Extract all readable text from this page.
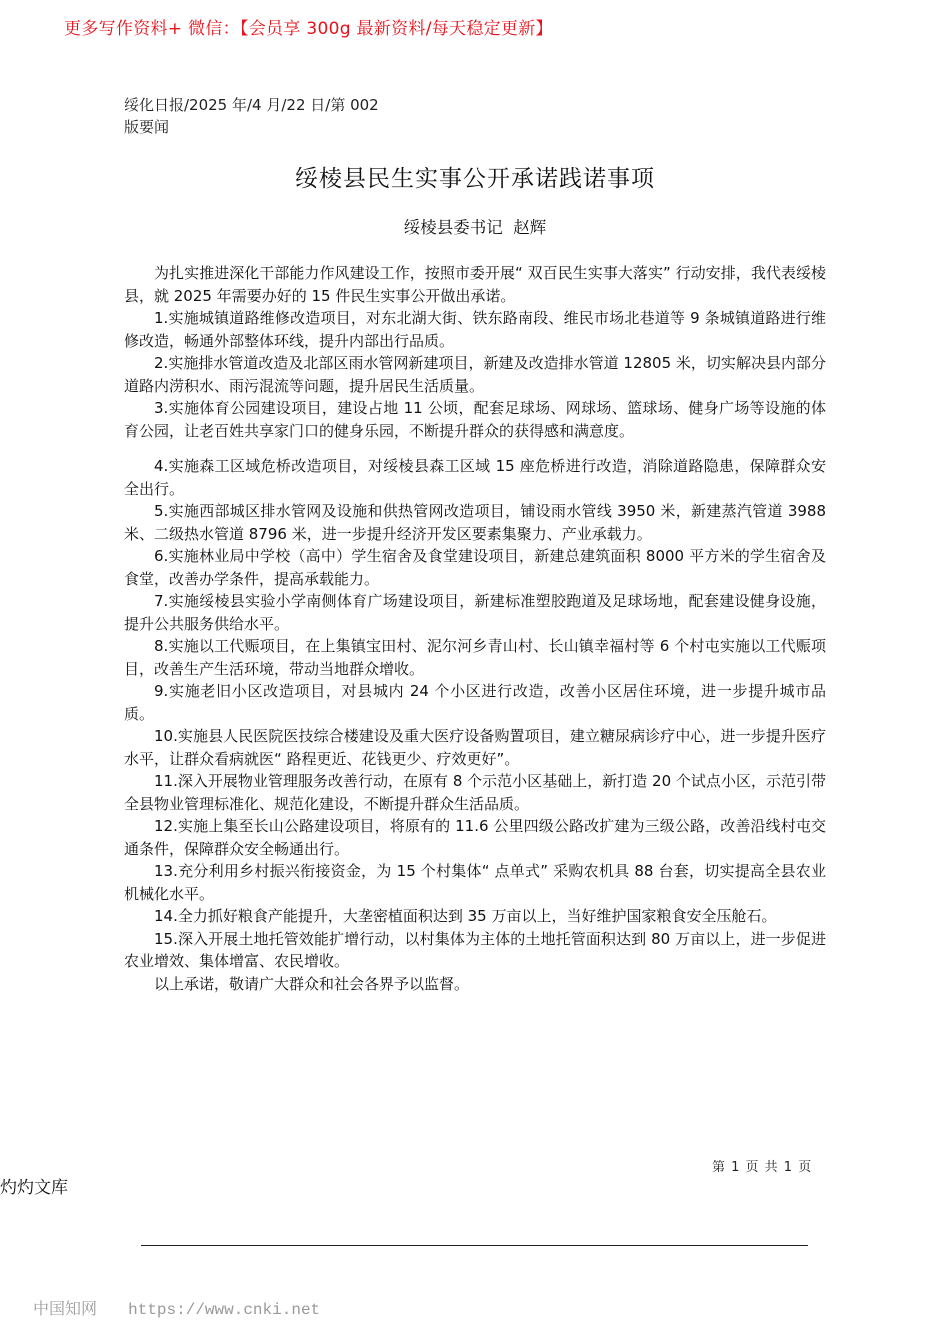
更多写作资料+ 微信：【会员享 300g 最新资料/每天稳定更新】
绥化日报/2025 年/4 月/22 日/第 002
版要闻
绥棱县民生实事公开承诺践诺事项
绥棱县委书记  赵辉

为扎实推进深化干部能力作风建设工作，按照市委开展“ 双百民生实事大落实” 行动安排，我代表绥棱县，就 2025 年需要办好的 15 件民生实事公开做出承诺。

1.实施城镇道路维修改造项目，对东北湖大街、铁东路南段、维民市场北巷道等 9 条城镇道路进行维修改造，畅通外部整体环线，提升内部出行品质。

2.实施排水管道改造及北部区雨水管网新建项目，新建及改造排水管道 12805 米，切实解决县内部分道路内涝积水、雨污混流等问题，提升居民生活质量。

3.实施体育公园建设项目，建设占地 11 公顷，配套足球场、网球场、篮球场、健身广场等设施的体育公园，让老百姓共享家门口的健身乐园，不断提升群众的获得感和满意度。

4.实施森工区域危桥改造项目，对绥棱县森工区域 15 座危桥进行改造，消除道路隐患，保障群众安全出行。

5.实施西部城区排水管网及设施和供热管网改造项目，铺设雨水管线 3950 米，新建蒸汽管道 3988 米、二级热水管道 8796 米，进一步提升经济开发区要素集聚力、产业承载力。

6.实施林业局中学校（高中）学生宿舍及食堂建设项目，新建总建筑面积 8000 平方米的学生宿舍及食堂，改善办学条件，提高承载能力。

7.实施绥棱县实验小学南侧体育广场建设项目，新建标准塑胶跑道及足球场地，配套建设健身设施，提升公共服务供给水平。

8.实施以工代赈项目，在上集镇宝田村、泥尔河乡青山村、长山镇幸福村等 6 个村屯实施以工代赈项目，改善生产生活环境，带动当地群众增收。

9.实施老旧小区改造项目，对县城内 24 个小区进行改造，改善小区居住环境，进一步提升城市品质。

10.实施县人民医院医技综合楼建设及重大医疗设备购置项目，建立糖尿病诊疗中心，进一步提升医疗水平，让群众看病就医“ 路程更近、花钱更少、疗效更好”。

11.深入开展物业管理服务改善行动，在原有 8 个示范小区基础上，新打造 20 个试点小区，示范引带全县物业管理标准化、规范化建设，不断提升群众生活品质。

12.实施上集至长山公路建设项目，将原有的 11.6 公里四级公路改扩建为三级公路，改善沿线村屯交通条件，保障群众安全畅通出行。

13.充分利用乡村振兴衔接资金，为 15 个村集体“ 点单式” 采购农机具 88 台套，切实提高全县农业机械化水平。

14.全力抓好粮食产能提升，大垄密植面积达到 35 万亩以上，当好维护国家粮食安全压舱石。

15.深入开展土地托管效能扩增行动，以村集体为主体的土地托管面积达到 80 万亩以上，进一步促进农业增效、集体增富、农民增收。

以上承诺，敬请广大群众和社会各界予以监督。

第 1 页 共 1 页
灼灼文库
中国知网 https://www.cnki.net
